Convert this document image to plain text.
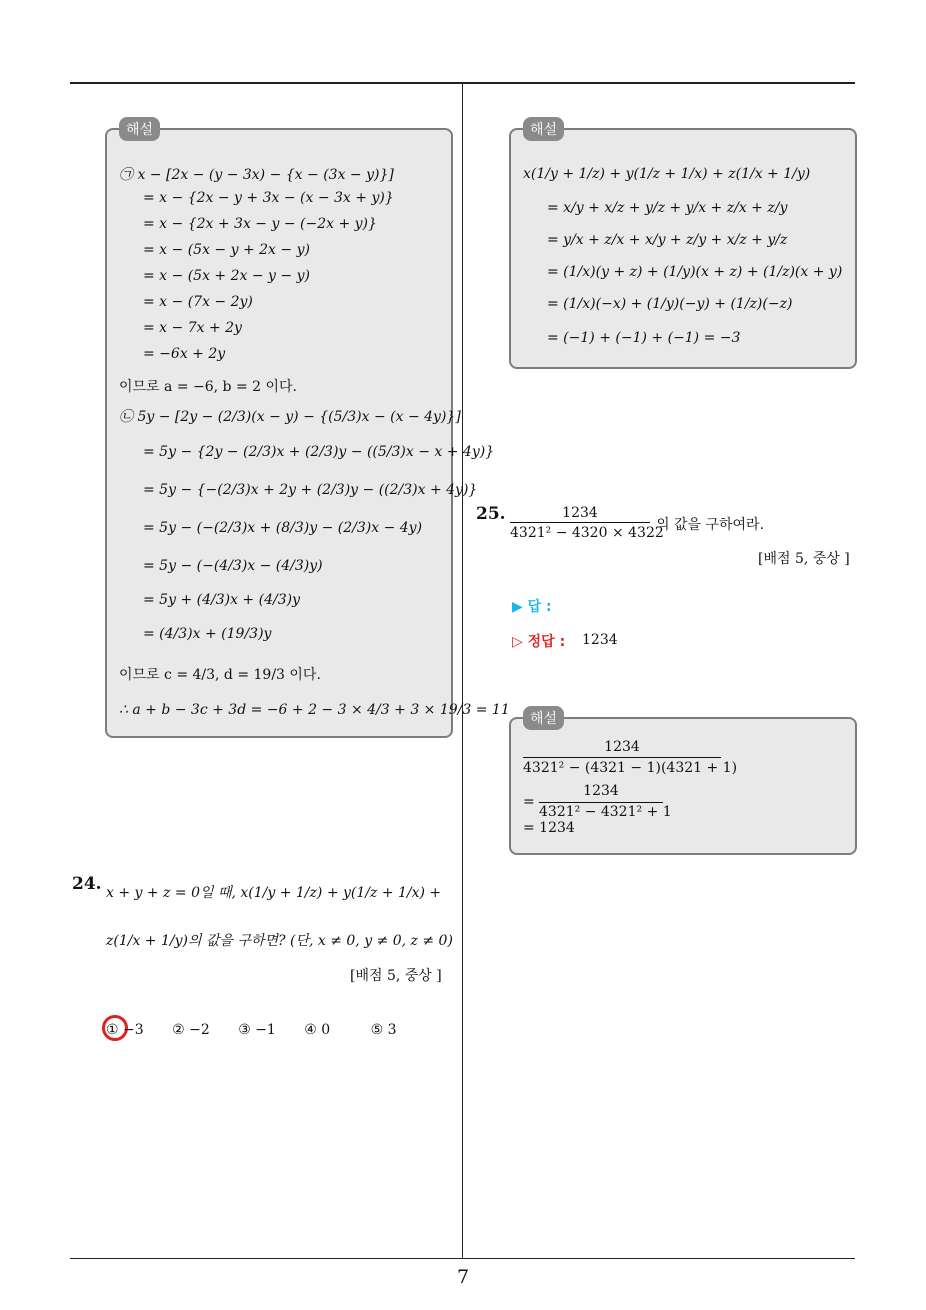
해설
㉠ x − [2x − (y − 3x) − {x − (3x − y)}]
= x − {2x − y + 3x − (x − 3x + y)}
= x − {2x + 3x − y − (−2x + y)}
= x − (5x − y + 2x − y)
= x − (5x + 2x − y − y)
= x − (7x − 2y)
= x − 7x + 2y
= −6x + 2y
이므로 a = −6, b = 2 이다.
㉡ 5y − [2y − (2/3)(x − y) − {(5/3)x − (x − 4y)}]
= 5y − {2y − (2/3)x + (2/3)y − ((5/3)x − x + 4y)}
= 5y − {−(2/3)x + 2y + (2/3)y − ((2/3)x + 4y)}
= 5y − (−(2/3)x + (8/3)y − (2/3)x − 4y)
= 5y − (−(4/3)x − (4/3)y)
= 5y + (4/3)x + (4/3)y
= (4/3)x + (19/3)y
이므로 c = 4/3, d = 19/3 이다.
∴ a + b − 3c + 3d = −6 + 2 − 3 × 4/3 + 3 × 19/3 = 11
해설
x(1/y + 1/z) + y(1/z + 1/x) + z(1/x + 1/y)
= x/y + x/z + y/z + y/x + z/x + z/y
= y/x + z/x + x/y + z/y + x/z + y/z
= (1/x)(y + z) + (1/y)(x + z) + (1/z)(x + y)
= (1/x)(−x) + (1/y)(−y) + (1/z)(−z)
= (−1) + (−1) + (−1) = −3
24. x + y + z = 0일 때, x(1/y + 1/z) + y(1/z + 1/x) +
z(1/x + 1/y)의 값을 구하면? (단, x ≠ 0, y ≠ 0, z ≠ 0)
[배점 5, 중상 ]
① −3 ② −2 ③ −1 ④ 0	⑤ 3
25.	1234
4321² − 4320 × 4322
의 값을 구하여라.
[배점 5, 중상 ]
▶ 답 :
▷ 정답 : 1234
해설
1234
4321² − (4321 − 1)(4321 + 1)
=
1234
4321² − 4321² + 1
= 1234
7
